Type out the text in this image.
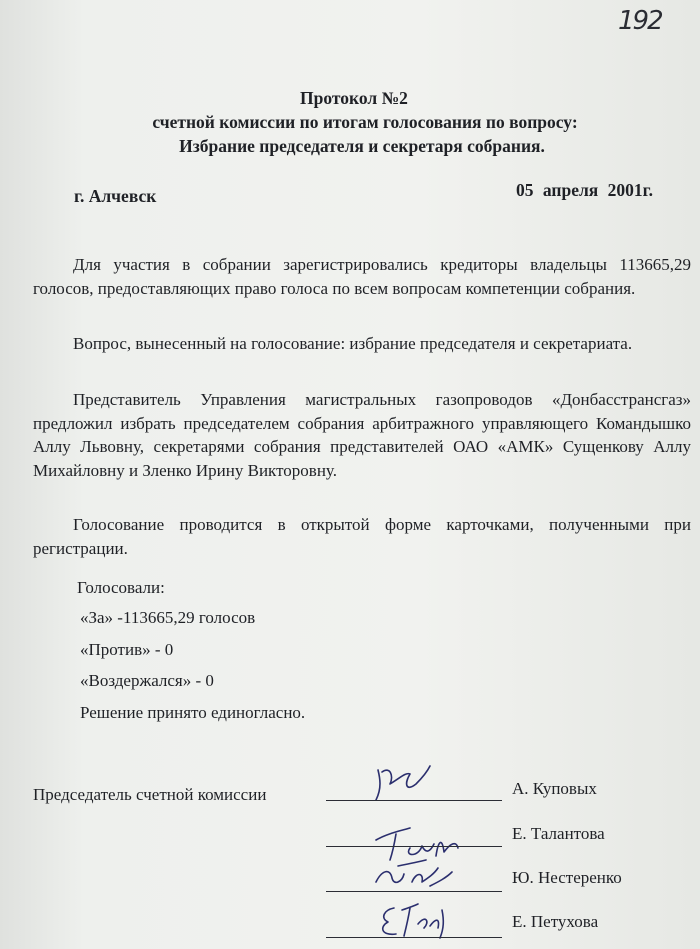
192

Протокол №2

счетной комиссии по итогам голосования по вопросу:

Избрание председателя и секретаря собрания.

г. Алчевск	05 апреля 2001г.

Для участия в собрании зарегистрировались кредиторы владельцы 113665,29 голосов, предоставляющих право голоса по всем вопросам компетенции собрания.

Вопрос, вынесенный на голосование: избрание председателя и секретариата.

Представитель Управления магистральных газопроводов «Донбасстрансгаз» предложил избрать председателем собрания арбитражного управляющего Командышко Аллу Львовну, секретарями собрания представителей ОАО «АМК» Сущенкову Аллу Михайловну и Зленко Ирину Викторовну.

Голосование проводится в открытой форме карточками, полученными при регистрации.

Голосовали:
«За» -113665,29 голосов
«Против» - 0
«Воздержался» - 0
Решение принято единогласно.
Председатель счетной комиссии	А. Куповых
Е. Талантова
Ю. Нестеренко
Е. Петухова
